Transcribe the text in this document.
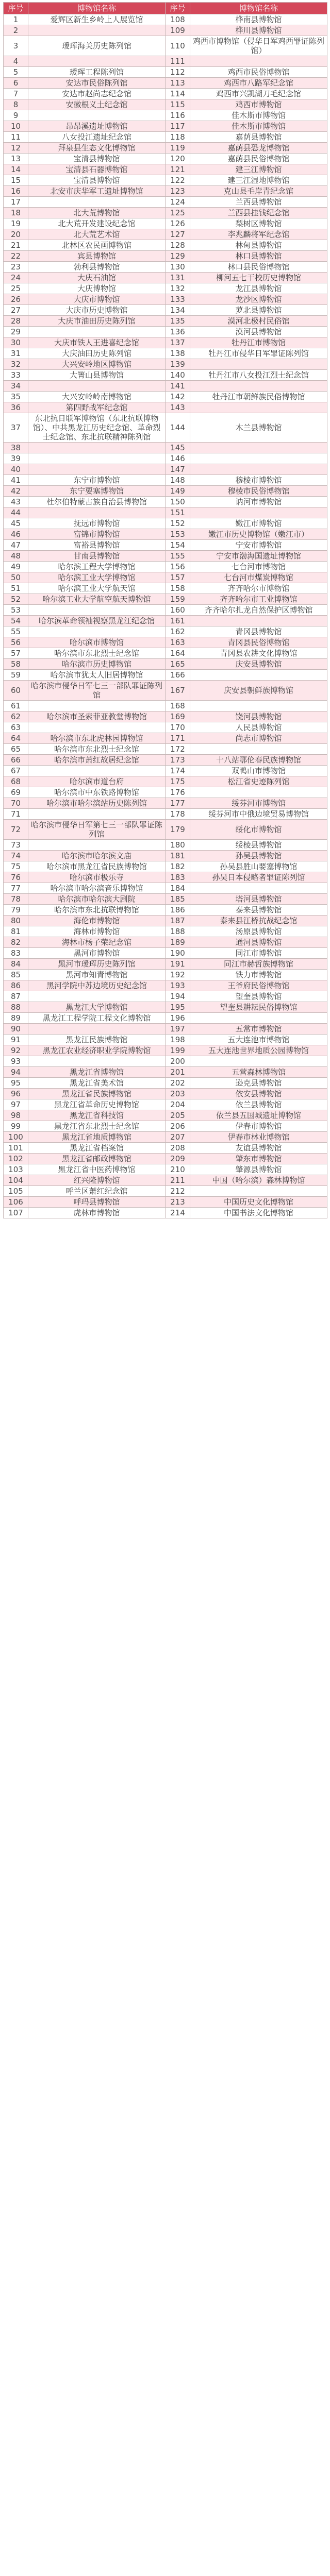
序号	博物馆名称	序号	博物馆名称
1	爱辉区新生乡岭上人展览馆	108	桦南县博物馆
2		109	桦川县博物馆
3	瑷珲海关历史陈列馆	110	鸡西市博物馆（侵华日军鸡西罪证陈列馆）
4		111	
5	瑷珲工程陈列馆	112	鸡西市民俗博物馆
6	安达市民俗陈列馆	113	鸡西市八路军纪念馆
7	安达市赵尚志纪念馆	114	鸡西市兴凯湖刀毛纪念馆
8	安徽根义土纪念馆	115	鸡西市博物馆
9		116	佳木斯市博物馆
10	昂昂溪遗址博物馆	117	佳木斯市博物馆
11	八女投江遗址纪念馆	118	嘉荫县博物馆
12	拜泉县生态文化博物馆	119	嘉荫县恐龙博物馆
13	宝清县博物馆	120	嘉荫县民俗博物馆
14	宝清县石器博物馆	121	建三江博物馆
15	宝清县博物馆	122	建三江湿地博物馆
16	北安市庆华军工遗址博物馆	123	克山县毛岸青纪念馆
17		124	兰西县博物馆
18	北大荒博物馆	125	兰西县挂钱纪念馆
19	北大荒开发建设纪念馆	126	梨树区博物馆
20	北大荒艺术馆	127	李兆麟将军纪念馆
21	北林区农民画博物馆	128	林甸县博物馆
22	宾县博物馆	129	林口县博物馆
23	勃利县博物馆	130	林口县民俗博物馆
24	大庆石油馆	131	柳河五七干校历史博物馆
25	大庆博物馆	132	龙江县博物馆
26	大庆市博物馆	133	龙沙区博物馆
27	大庆市历史博物馆	134	萝北县博物馆
28	大庆市油田历史陈列馆	135	漠河北极村民俗馆
29		136	漠河县博物馆
30	大庆市铁人王进喜纪念馆	137	牡丹江市博物馆
31	大庆油田历史陈列馆	138	牡丹江市侵华日军罪证陈列馆
32	大兴安岭地区博物馆	139	
33	大箐山县博物馆	140	牡丹江市八女投江烈士纪念馆
34		141	
35	大兴安岭岭南博物馆	142	牡丹江市朝鲜族民俗博物馆
36	第四野战军纪念馆	143	
37	东北抗日联军博物馆（东北抗联博物馆）、中共黑龙江历史纪念馆、革命烈士纪念馆、东北抗联精神陈列馆	144	木兰县博物馆
38		145	
39		146	
40		147	
41	东宁市博物馆	148	穆棱市博物馆
42	东宁要塞博物馆	149	穆棱市民俗博物馆
43	杜尔伯特蒙古族自治县博物馆	150	讷河市博物馆
44		151	
45	抚远市博物馆	152	嫩江市博物馆
46	富锦市博物馆	153	嫩江市历史博物馆（嫩江市）
47	富裕县博物馆	154	宁安市博物馆
48	甘南县博物馆	155	宁安市渤海国遗址博物馆
49	哈尔滨工程大学博物馆	156	七台河市博物馆
50	哈尔滨工业大学博物馆	157	七台河市煤炭博物馆
51	哈尔滨工业大学航天馆	158	齐齐哈尔市博物馆
52	哈尔滨工业大学航空航天博物馆	159	齐齐哈尔市工业博物馆
53		160	齐齐哈尔扎龙自然保护区博物馆
54	哈尔滨革命领袖视察黑龙江纪念馆	161	
55		162	青冈县博物馆
56	哈尔滨市博物馆	163	青冈县民俗博物馆
57	哈尔滨市东北烈士纪念馆	164	青冈县农耕文化博物馆
58	哈尔滨市历史博物馆	165	庆安县博物馆
59	哈尔滨市犹太人旧居博物馆	166	
60	哈尔滨市侵华日军七三一部队罪证陈列馆	167	庆安县朝鲜族博物馆
61		168	
62	哈尔滨市圣索菲亚教堂博物馆	169	饶河县博物馆
63		170	人民县博物馆
64	哈尔滨市东北虎林园博物馆	171	尚志市博物馆
65	哈尔滨市东北烈士纪念馆	172	
66	哈尔滨市萧红故居纪念馆	173	十八站鄂伦春民族博物馆
67		174	双鸭山市博物馆
68	哈尔滨市道台府	175	松江省史迹陈列馆
69	哈尔滨市中东铁路博物馆	176	
70	哈尔滨市哈尔滨站历史陈列馆	177	绥芬河市博物馆
71		178	绥芬河市中俄边境贸易博物馆
72	哈尔滨市侵华日军第七三一部队罪证陈列馆	179	绥化市博物馆
73		180	绥棱县博物馆
74	哈尔滨市哈尔滨文庙	181	孙吴县博物馆
75	哈尔滨市黑龙江省民族博物馆	182	孙吴县胜山要塞博物馆
76	哈尔滨市极乐寺	183	孙吴日本侵略者罪证陈列馆
77	哈尔滨市哈尔滨音乐博物馆	184	
78	哈尔滨市哈尔滨大剧院	185	塔河县博物馆
79	哈尔滨市东北抗联博物馆	186	泰来县博物馆
80	海伦市博物馆	187	泰来县江桥抗战纪念馆
81	海林市博物馆	188	汤原县博物馆
82	海林市杨子荣纪念馆	189	通河县博物馆
83	黑河市博物馆	190	同江市博物馆
84	黑河市瑷珲历史陈列馆	191	同江市赫哲族博物馆
85	黑河市知青博物馆	192	铁力市博物馆
86	黑河学院中苏边境历史纪念馆	193	王爷府民俗博物馆
87		194	望奎县博物馆
88	黑龙江大学博物馆	195	望奎县耕耘民俗博物馆
89	黑龙江工程学院工程文化博物馆	196	
90		197	五常市博物馆
91	黑龙江民族博物馆	198	五大连池市博物馆
92	黑龙江农业经济职业学院博物馆	199	五大连池世界地质公园博物馆
93		200	
94	黑龙江省博物馆	201	五营森林博物馆
95	黑龙江省美术馆	202	逊克县博物馆
96	黑龙江省民族博物馆	203	依安县博物馆
97	黑龙江省革命历史博物馆	204	依兰县博物馆
98	黑龙江省科技馆	205	依兰县五国城遗址博物馆
99	黑龙江省东北烈士纪念馆	206	伊春市博物馆
100	黑龙江省地质博物馆	207	伊春市林业博物馆
101	黑龙江省档案馆	208	友谊县博物馆
102	黑龙江省邮政博物馆	209	肇东市博物馆
103	黑龙江省中医药博物馆	210	肇源县博物馆
104	红兴隆博物馆	211	中国（哈尔滨）森林博物馆
105	呼兰区萧红纪念馆	212	
106	呼玛县博物馆	213	中国历史文化博物馆
107	虎林市博物馆	214	中国书法文化博物馆
